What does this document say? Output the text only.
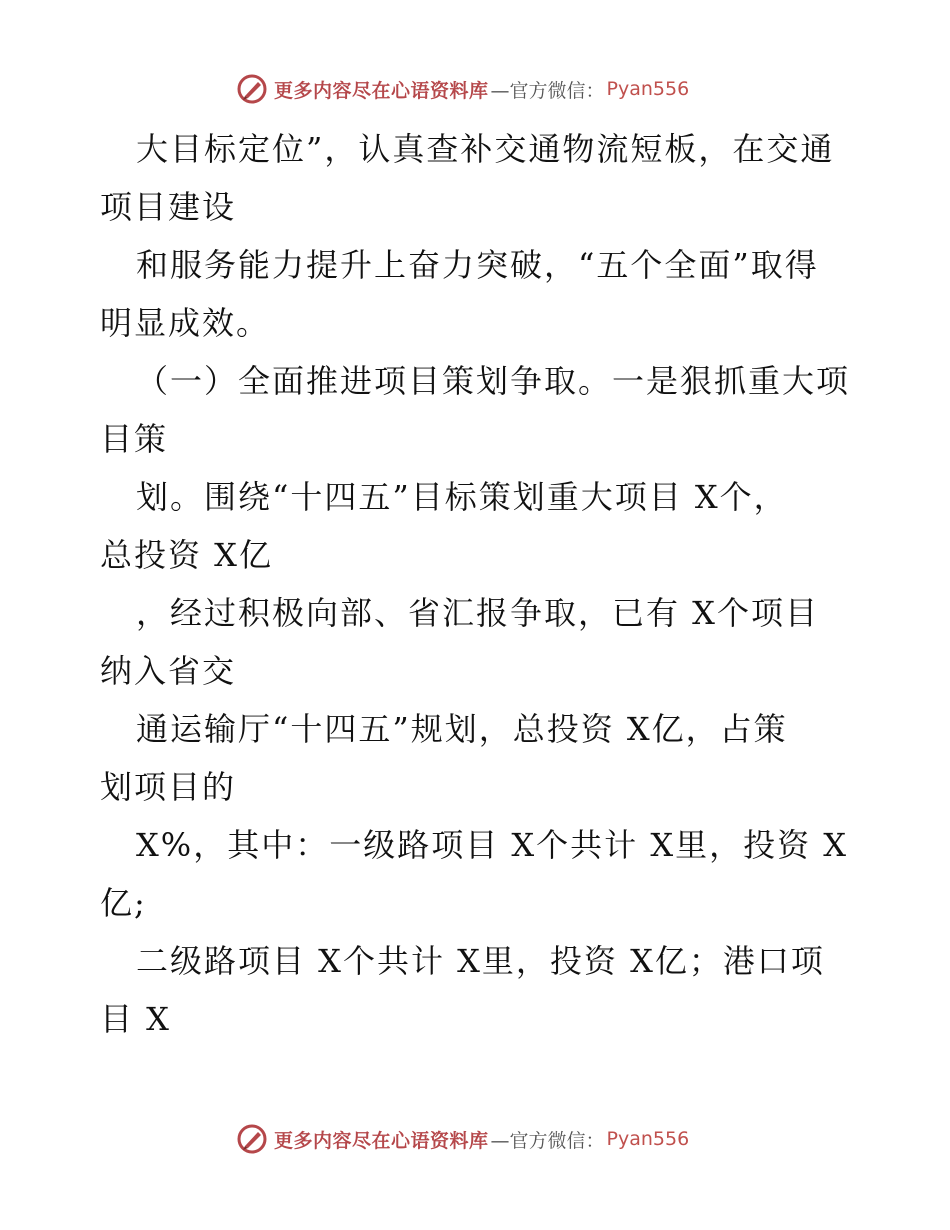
更多内容尽在心语资料库 —官方微信： Pyan556
大目标定位”，认真查补交通物流短板，在交通
项目建设
和服务能力提升上奋力突破，“五个全面”取得
明显成效。
（一）全面推进项目策划争取。一是狠抓重大项
目策
划。围绕“十四五”目标策划重大项目 X个，
总投资 X亿
，经过积极向部、省汇报争取，已有 X个项目
纳入省交
通运输厅“十四五”规划，总投资 X亿，占策
划项目的
X%，其中：一级路项目 X个共计 X里，投资 X
亿;
二级路项目 X个共计 X里，投资 X亿；港口项
目 X
更多内容尽在心语资料库 —官方微信： Pyan556
